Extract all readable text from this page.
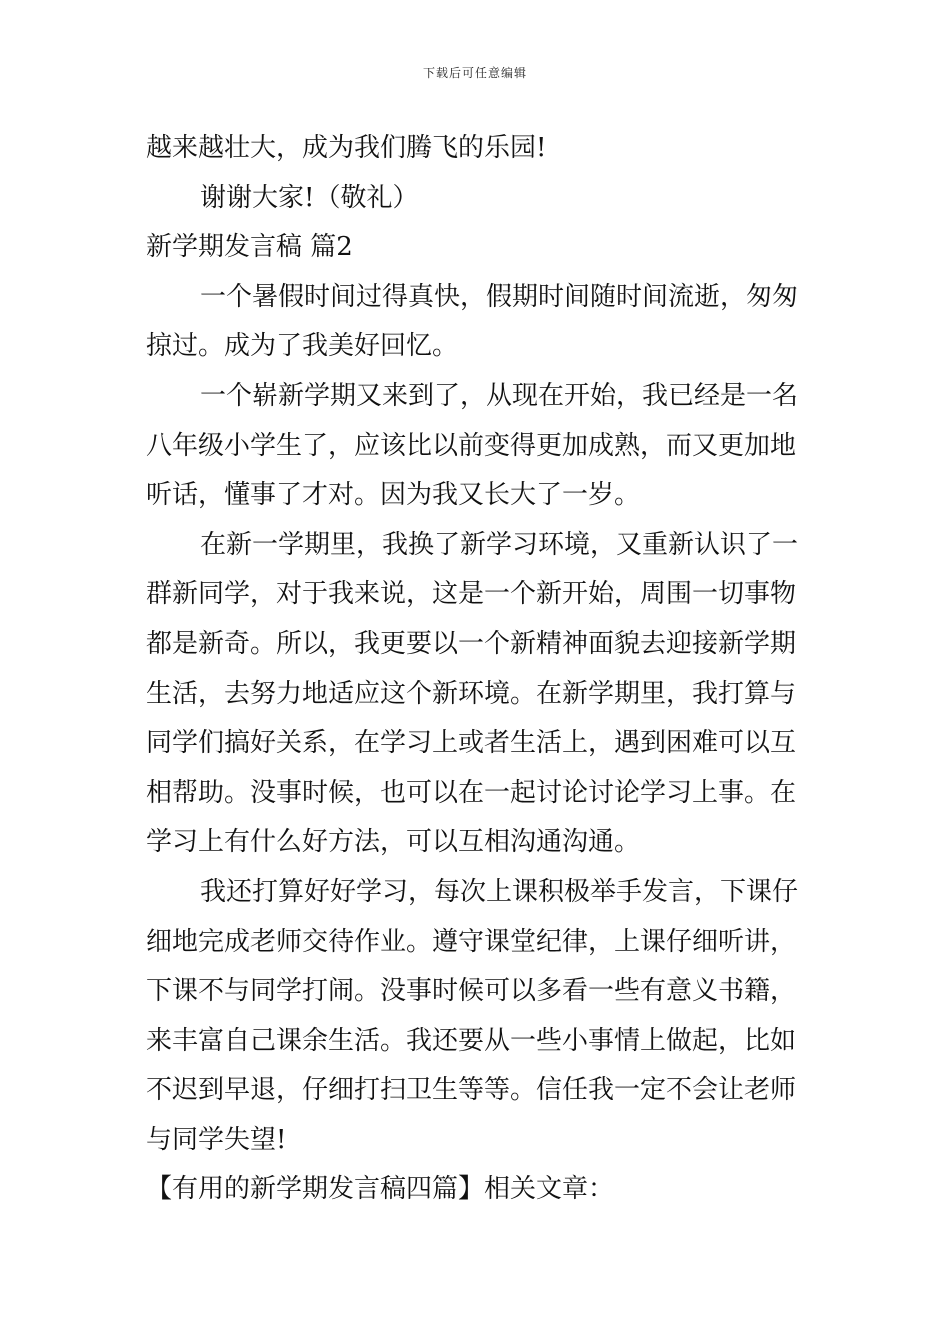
下载后可任意编辑

越来越壮大，成为我们腾飞的乐园!

谢谢大家!（敬礼）

新学期发言稿 篇2

一个暑假时间过得真快，假期时间随时间流逝，匆匆

掠过。成为了我美好回忆。

一个崭新学期又来到了，从现在开始，我已经是一名

八年级小学生了，应该比以前变得更加成熟，而又更加地

听话，懂事了才对。因为我又长大了一岁。

在新一学期里，我换了新学习环境，又重新认识了一

群新同学，对于我来说，这是一个新开始，周围一切事物

都是新奇。所以，我更要以一个新精神面貌去迎接新学期

生活，去努力地适应这个新环境。在新学期里，我打算与

同学们搞好关系，在学习上或者生活上，遇到困难可以互

相帮助。没事时候，也可以在一起讨论讨论学习上事。在

学习上有什么好方法，可以互相沟通沟通。

我还打算好好学习，每次上课积极举手发言，下课仔

细地完成老师交待作业。遵守课堂纪律，上课仔细听讲，

下课不与同学打闹。没事时候可以多看一些有意义书籍，

来丰富自己课余生活。我还要从一些小事情上做起，比如

不迟到早退，仔细打扫卫生等等。信任我一定不会让老师

与同学失望!

【有用的新学期发言稿四篇】相关文章：
